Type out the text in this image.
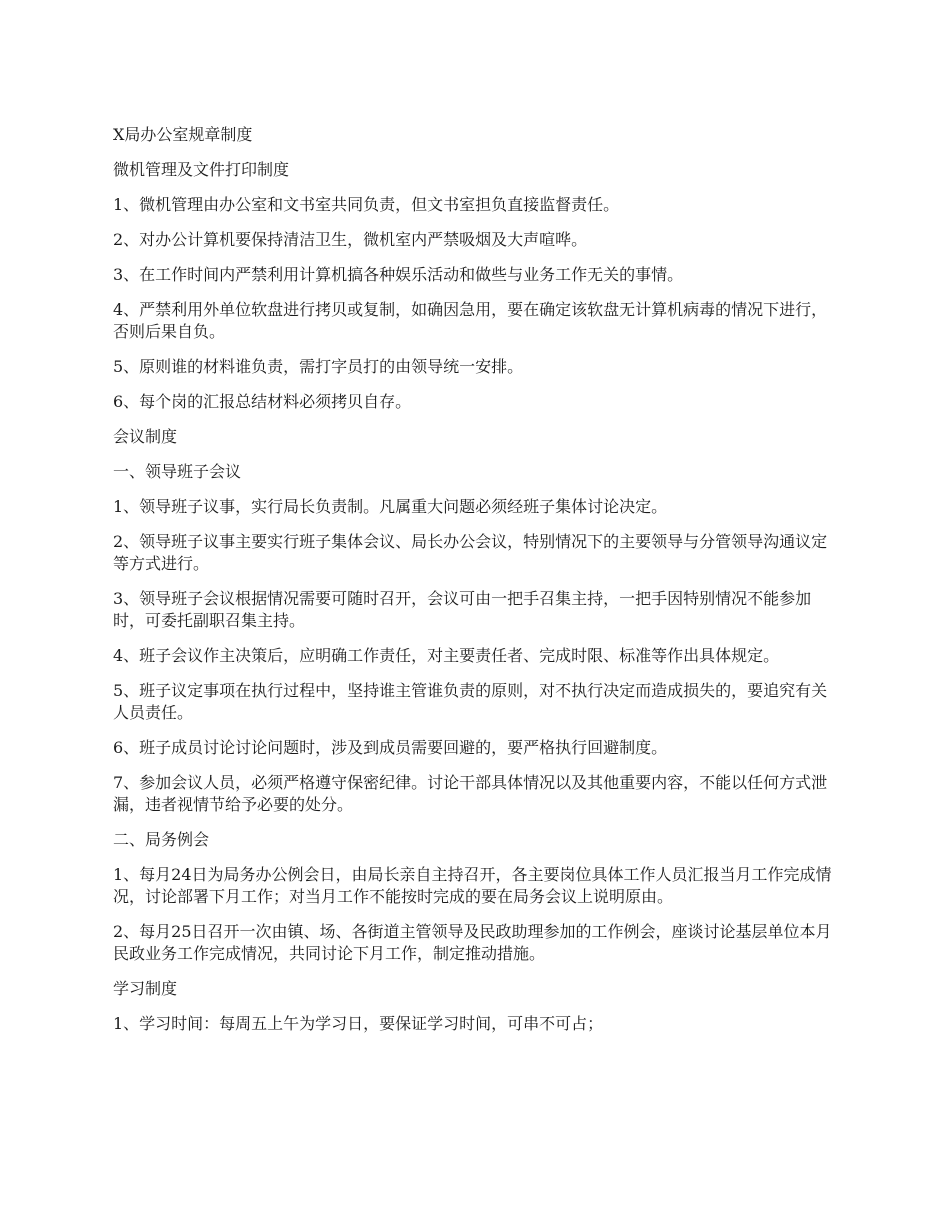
X局办公室规章制度

微机管理及文件打印制度

1、微机管理由办公室和文书室共同负责，但文书室担负直接监督责任。

2、对办公计算机要保持清洁卫生，微机室内严禁吸烟及大声喧哗。

3、在工作时间内严禁利用计算机搞各种娱乐活动和做些与业务工作无关的事情。

4、严禁利用外单位软盘进行拷贝或复制，如确因急用，要在确定该软盘无计算机病毒的情况下进行，否则后果自负。

5、原则谁的材料谁负责，需打字员打的由领导统一安排。

6、每个岗的汇报总结材料必须拷贝自存。

会议制度

一、领导班子会议

1、领导班子议事，实行局长负责制。凡属重大问题必须经班子集体讨论决定。

2、领导班子议事主要实行班子集体会议、局长办公会议，特别情况下的主要领导与分管领导沟通议定等方式进行。

3、领导班子会议根据情况需要可随时召开，会议可由一把手召集主持，一把手因特别情况不能参加时，可委托副职召集主持。

4、班子会议作主决策后，应明确工作责任，对主要责任者、完成时限、标准等作出具体规定。

5、班子议定事项在执行过程中，坚持谁主管谁负责的原则，对不执行决定而造成损失的，要追究有关人员责任。

6、班子成员讨论讨论问题时，涉及到成员需要回避的，要严格执行回避制度。

7、参加会议人员，必须严格遵守保密纪律。讨论干部具体情况以及其他重要内容，不能以任何方式泄漏，违者视情节给予必要的处分。

二、局务例会

1、每月24日为局务办公例会日，由局长亲自主持召开，各主要岗位具体工作人员汇报当月工作完成情况，讨论部署下月工作；对当月工作不能按时完成的要在局务会议上说明原由。

2、每月25日召开一次由镇、场、各街道主管领导及民政助理参加的工作例会，座谈讨论基层单位本月民政业务工作完成情况，共同讨论下月工作，制定推动措施。

学习制度

1、学习时间：每周五上午为学习日，要保证学习时间，可串不可占；
